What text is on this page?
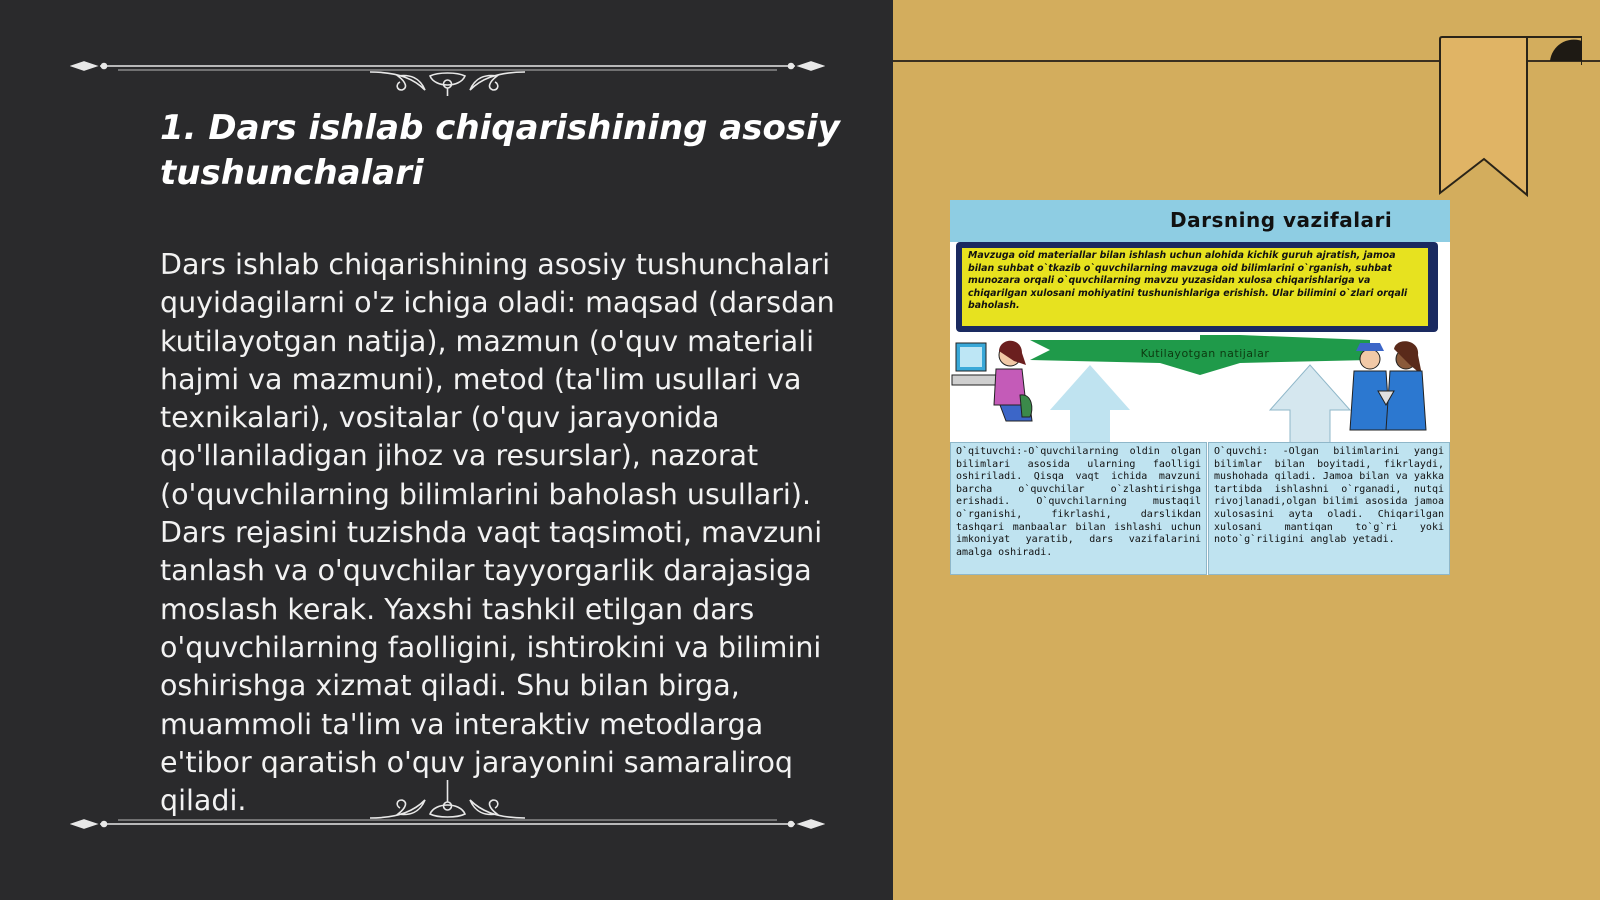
1. Dars ishlab chiqarishining asosiy tushunchalari

Dars ishlab chiqarishining asosiy tushunchalari quyidagilarni o'z ichiga oladi: maqsad (darsdan kutilayotgan natija), mazmun (o'quv materiali hajmi va mazmuni), metod (ta'lim usullari va texnikalari), vositalar (o'quv jarayonida qo'llaniladigan jihoz va resurslar), nazorat (o'quvchilarning bilimlarini baholash usullari). Dars rejasini tuzishda vaqt taqsimoti, mavzuni tanlash va o'quvchilar tayyorgarlik darajasiga moslash kerak. Yaxshi tashkil etilgan dars o'quvchilarning faolligini, ishtirokini va bilimini oshirishga xizmat qiladi. Shu bilan birga, muammoli ta'lim va interaktiv metodlarga e'tibor qaratish o'quv jarayonini samaraliroq qiladi.

Darsning vazifalari

Mavzuga oid materiallar bilan ishlash uchun alohida kichik guruh ajratish, jamoa bilan suhbat o`tkazib o`quvchilarning mavzuga oid bilimlarini o`rganish, suhbat munozara orqali o`quvchilarning mavzu yuzasidan xulosa chiqarishlariga va chiqarilgan xulosani mohiyatini tushunishlariga erishish. Ular bilimini o`zlari orqali baholash.

Kutilayotgan natijalar

O`qituvchi:-O`quvchilarning oldin olgan bilimlari asosida ularning faolligi oshiriladi. Qisqa vaqt ichida mavzuni barcha o`quvchilar o`zlashtirishga erishadi. O`quvchilarning mustaqil o`rganishi, fikrlashi, darslikdan tashqari manbaalar bilan ishlashi uchun imkoniyat yaratib, dars vazifalarini amalga oshiradi.

O`quvchi: -Olgan bilimlarini yangi bilimlar bilan boyitadi, fikrlaydi, mushohada qiladi. Jamoa bilan va yakka tartibda ishlashni o`rganadi, nutqi rivojlanadi,olgan bilimi asosida jamoa xulosasini ayta oladi. Chiqarilgan xulosani mantiqan to`g`ri yoki noto`g`riligini anglab yetadi.
